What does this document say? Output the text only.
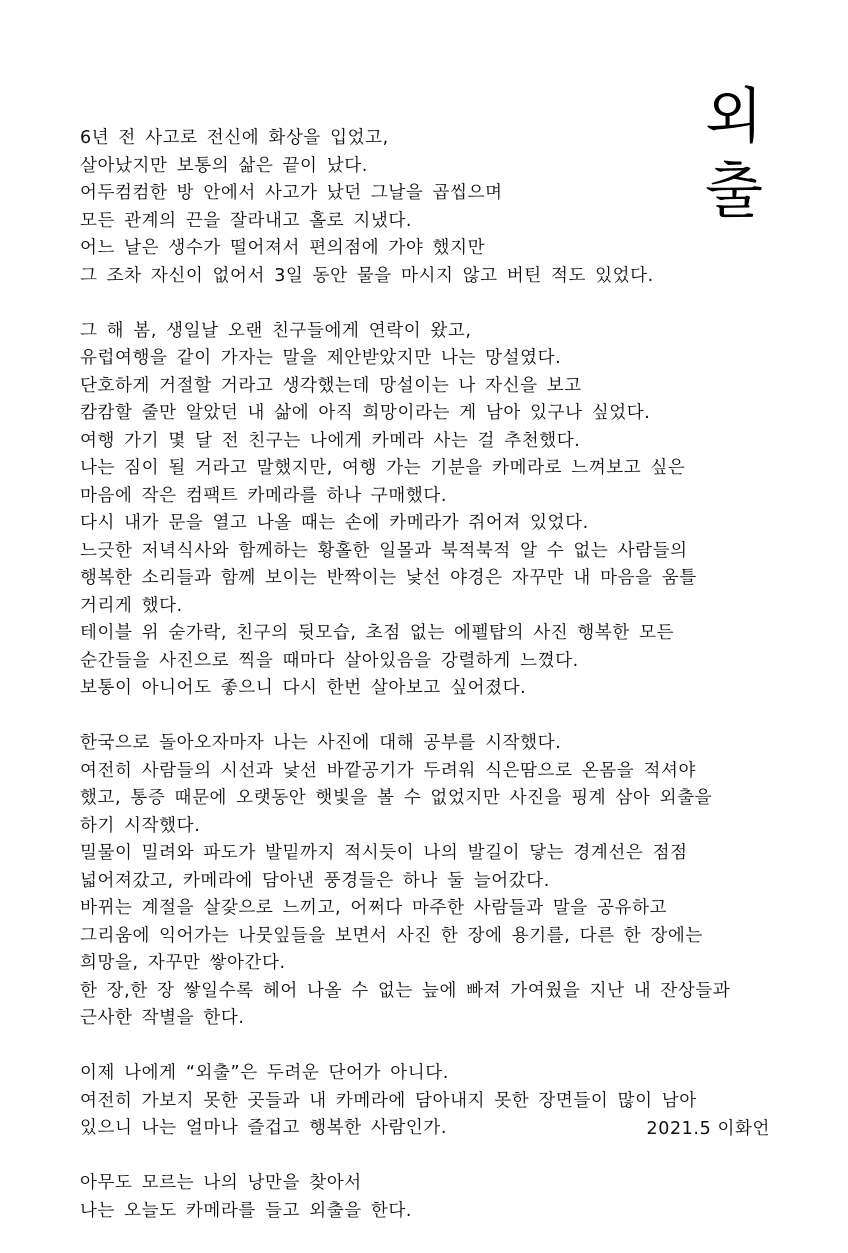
외
출
6년 전 사고로 전신에 화상을 입었고,
살아났지만 보통의 삶은 끝이 났다.
어두컴컴한 방 안에서 사고가 났던 그날을 곱씹으며
모든 관계의 끈을 잘라내고 홀로 지냈다.
어느 날은 생수가 떨어져서 편의점에 가야 했지만
그 조차 자신이 없어서 3일 동안 물을 마시지 않고 버틴 적도 있었다.
그 해 봄, 생일날 오랜 친구들에게 연락이 왔고,
유럽여행을 같이 가자는 말을 제안받았지만 나는 망설였다.
단호하게 거절할 거라고 생각했는데 망설이는 나 자신을 보고
캄캄할 줄만 알았던 내 삶에 아직 희망이라는 게 남아 있구나 싶었다.
여행 가기 몇 달 전 친구는 나에게 카메라 사는 걸 추천했다.
나는 짐이 될 거라고 말했지만, 여행 가는 기분을 카메라로 느껴보고 싶은
마음에 작은 컴팩트 카메라를 하나 구매했다.
다시 내가 문을 열고 나올 때는 손에 카메라가 쥐어져 있었다.
느긋한 저녁식사와 함께하는 황홀한 일몰과 북적북적 알 수 없는 사람들의
행복한 소리들과 함께 보이는 반짝이는 낯선 야경은 자꾸만 내 마음을 움틀
거리게 했다.
테이블 위 숟가락, 친구의 뒷모습, 초점 없는 에펠탑의 사진 행복한 모든
순간들을 사진으로 찍을 때마다 살아있음을 강렬하게 느꼈다.
보통이 아니어도 좋으니 다시 한번 살아보고 싶어졌다.
한국으로 돌아오자마자 나는 사진에 대해 공부를 시작했다.
여전히 사람들의 시선과 낯선 바깥공기가 두려워 식은땀으로 온몸을 적셔야
했고, 통증 때문에 오랫동안 햇빛을 볼 수 없었지만 사진을 핑계 삼아 외출을
하기 시작했다.
밀물이 밀려와 파도가 발밑까지 적시듯이 나의 발길이 닿는 경계선은 점점
넓어져갔고, 카메라에 담아낸 풍경들은 하나 둘 늘어갔다.
바뀌는 계절을 살갗으로 느끼고, 어쩌다 마주한 사람들과 말을 공유하고
그리움에 익어가는 나뭇잎들을 보면서 사진 한 장에 용기를, 다른 한 장에는
희망을, 자꾸만 쌓아간다.
한 장,한 장 쌓일수록 헤어 나올 수 없는 늪에 빠져 가여웠을 지난 내 잔상들과
근사한 작별을 한다.
이제 나에게 “외출”은 두려운 단어가 아니다.
여전히 가보지 못한 곳들과 내 카메라에 담아내지 못한 장면들이 많이 남아
있으니 나는 얼마나 즐겁고 행복한 사람인가.
아무도 모르는 나의 낭만을 찾아서
나는 오늘도 카메라를 들고 외출을 한다.
2021.5 이화언
